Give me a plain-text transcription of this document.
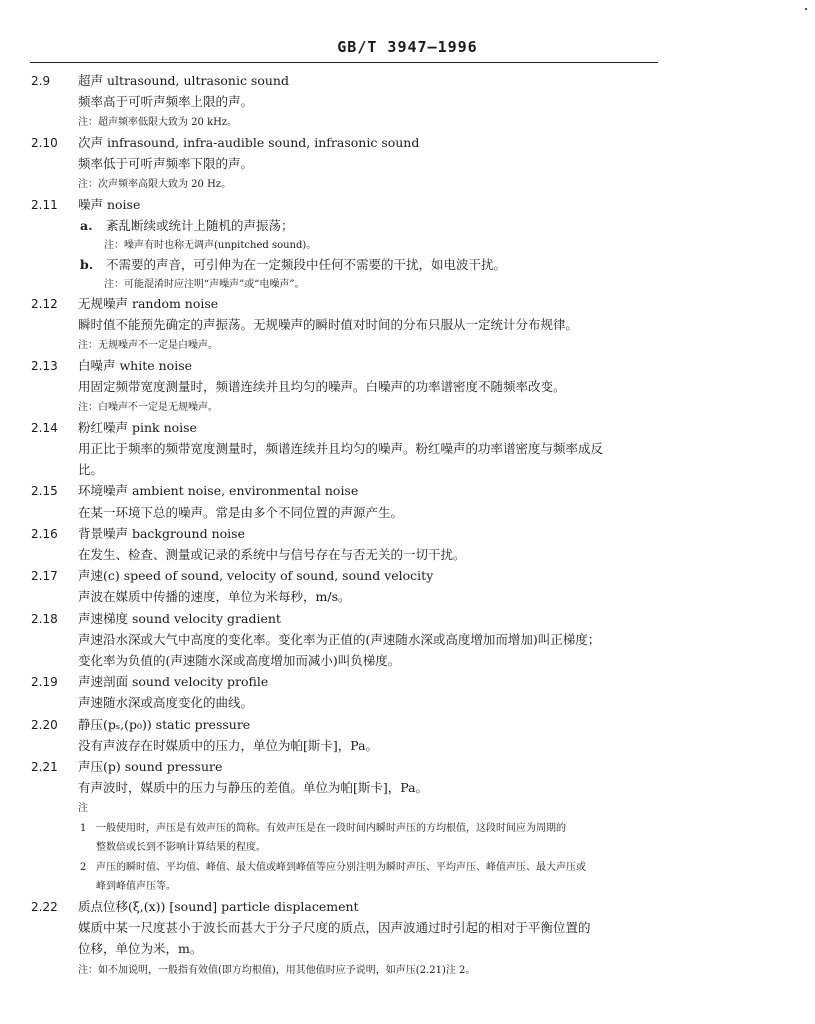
GB/T 3947—1996
2.9 超声 ultrasound, ultrasonic sound
频率高于可听声频率上限的声。
注：超声频率低限大致为 20 kHz。
2.10 次声 infrasound, infra-audible sound, infrasonic sound
频率低于可听声频率下限的声。
注：次声频率高限大致为 20 Hz。
2.11 噪声 noise
a. 紊乱断续或统计上随机的声振荡；
注：噪声有时也称无调声(unpitched sound)。
b. 不需要的声音，可引伸为在一定频段中任何不需要的干扰，如电波干扰。
注：可能混淆时应注明“声噪声”或“电噪声”。
2.12 无规噪声 random noise
瞬时值不能预先确定的声振荡。无规噪声的瞬时值对时间的分布只服从一定统计分布规律。
注：无规噪声不一定是白噪声。
2.13 白噪声 white noise
用固定频带宽度测量时，频谱连续并且均匀的噪声。白噪声的功率谱密度不随频率改变。
注：白噪声不一定是无规噪声。
2.14 粉红噪声 pink noise
用正比于频率的频带宽度测量时，频谱连续并且均匀的噪声。粉红噪声的功率谱密度与频率成反
比。
2.15 环境噪声 ambient noise, environmental noise
在某一环境下总的噪声。常是由多个不同位置的声源产生。
2.16 背景噪声 background noise
在发生、检查、测量或记录的系统中与信号存在与否无关的一切干扰。
2.17 声速(c) speed of sound, velocity of sound, sound velocity
声波在媒质中传播的速度，单位为米每秒，m/s。
2.18 声速梯度 sound velocity gradient
声速沿水深或大气中高度的变化率。变化率为正值的(声速随水深或高度增加而增加)叫正梯度；
变化率为负值的(声速随水深或高度增加而减小)叫负梯度。
2.19 声速剖面 sound velocity profile
声速随水深或高度变化的曲线。
2.20 静压(pₛ,(p₀)) static pressure
没有声波存在时媒质中的压力，单位为帕[斯卡]，Pa。
2.21 声压(p) sound pressure
有声波时，媒质中的压力与静压的差值。单位为帕[斯卡]，Pa。
注
1 一般使用时，声压是有效声压的简称。有效声压是在一段时间内瞬时声压的方均根值，这段时间应为周期的
整数倍或长到不影响计算结果的程度。
2 声压的瞬时值、平均值、峰值、最大值或峰到峰值等应分别注明为瞬时声压、平均声压、峰值声压、最大声压或
峰到峰值声压等。
2.22 质点位移(ξ,(x)) [sound] particle displacement
媒质中某一尺度甚小于波长而甚大于分子尺度的质点，因声波通过时引起的相对于平衡位置的
位移，单位为米，m。
注：如不加说明，一般指有效值(即方均根值)，用其他值时应予说明，如声压(2.21)注 2。
